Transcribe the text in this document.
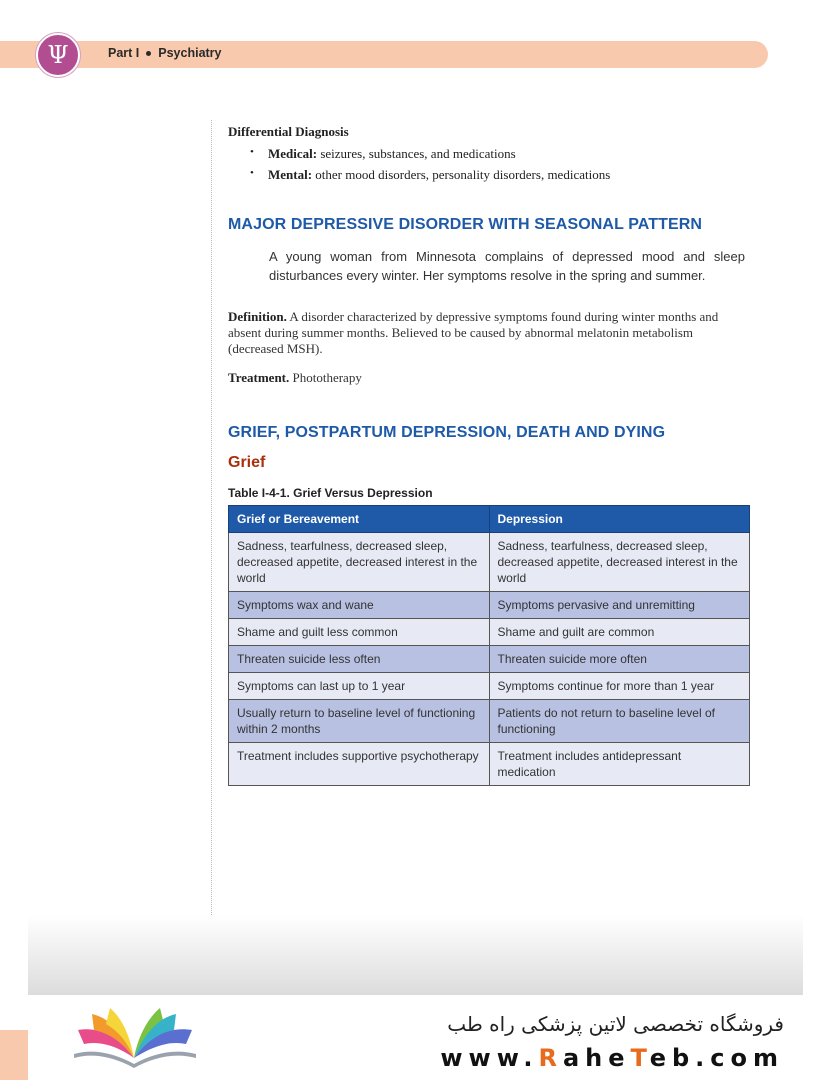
Ψ	Part I Psychiatry
Differential Diagnosis
• Medical: seizures, substances, and medications
• Mental: other mood disorders, personality disorders, medications
MAJOR DEPRESSIVE DISORDER WITH SEASONAL PATTERN
A young woman from Minnesota complains of depressed mood and sleep disturbances every winter. Her symptoms resolve in the spring and summer.
Definition. A disorder characterized by depressive symptoms found during winter months and absent during summer months. Believed to be caused by abnormal melatonin metabolism (decreased MSH).
Treatment. Phototherapy
GRIEF, POSTPARTUM DEPRESSION, DEATH AND DYING
Grief
Table I-4-1. Grief Versus Depression
Grief or Bereavement	Depression
Sadness, tearfulness, decreased sleep, decreased appetite, decreased interest in the world	Sadness, tearfulness, decreased sleep, decreased appetite, decreased interest in the world
Symptoms wax and wane	Symptoms pervasive and unremitting
Shame and guilt less common	Shame and guilt are common
Threaten suicide less often	Threaten suicide more often
Symptoms can last up to 1 year	Symptoms continue for more than 1 year
Usually return to baseline level of functioning within 2 months	Patients do not return to baseline level of functioning
Treatment includes supportive psychotherapy	Treatment includes antidepressant medication
فروشگاه تخصصی لاتین پزشکی راه طب
www.RaheTeb.com
